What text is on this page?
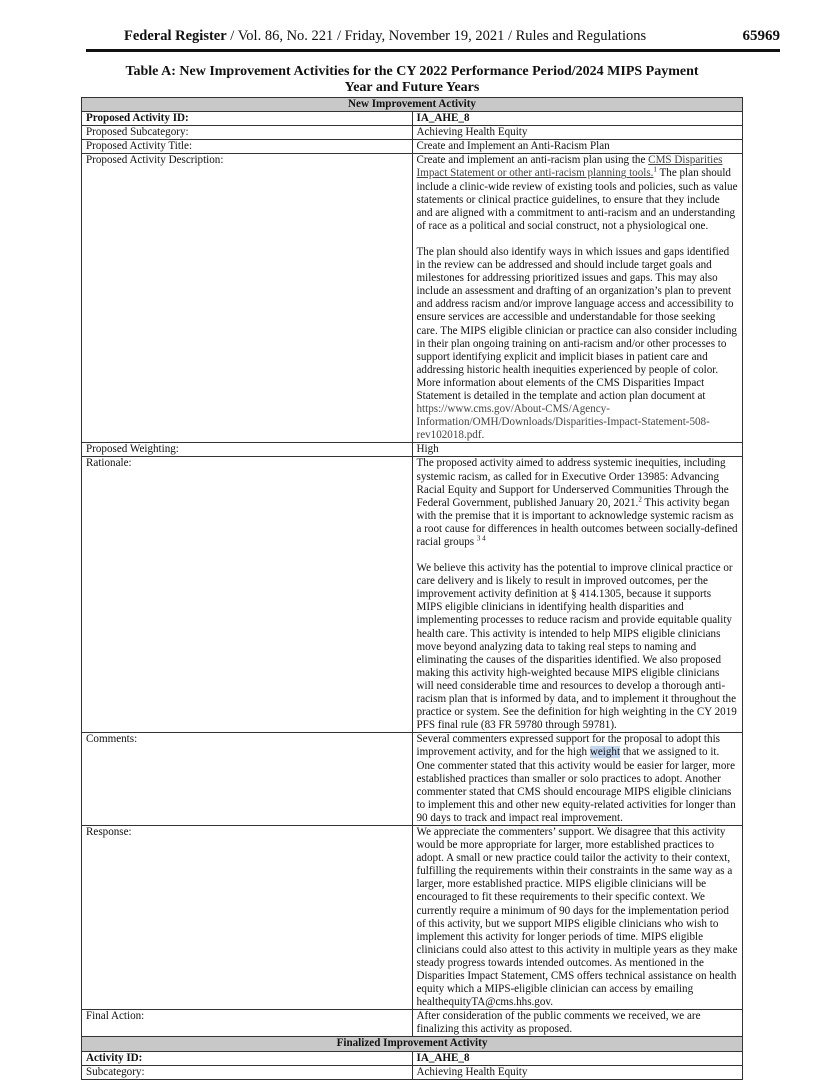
Federal Register / Vol. 86, No. 221 / Friday, November 19, 2021 / Rules and Regulations	65969
Table A: New Improvement Activities for the CY 2022 Performance Period/2024 MIPS Payment
Year and Future Years
New Improvement Activity	
Proposed Activity ID:	IA_AHE_8
Proposed Subcategory:	Achieving Health Equity
Proposed Activity Title:	Create and Implement an Anti-Racism Plan
Proposed Activity Description:	Create and implement an anti-racism plan using the CMS Disparities Impact Statement or other anti-racism planning tools.$^1$ The plan should include a clinic-wide review of existing tools and policies, such as value statements or clinical practice guidelines, to ensure that they include and are aligned with a commitment to anti-racism and an understanding of race as a political and social construct, not a physiological one.
The plan should also identify ways in which issues and gaps identified in the review can be addressed and should include target goals and milestones for addressing prioritized issues and gaps. This may also include an assessment and drafting of an organization’s plan to prevent and address racism and/or improve language access and accessibility to ensure services are accessible and understandable for those seeking care. The MIPS eligible clinician or practice can also consider including in their plan ongoing training on anti-racism and/or other processes to support identifying explicit and implicit biases in patient care and addressing historic health inequities experienced by people of color. More information about elements of the CMS Disparities Impact Statement is detailed in the template and action plan document at https://www.cms.gov/About-CMS/Agency-Information/OMH/Downloads/Disparities-Impact-Statement-508-rev102018.pdf.

Proposed Weighting:	High
Rationale:	The proposed activity aimed to address systemic inequities, including systemic racism, as called for in Executive Order 13985: Advancing Racial Equity and Support for Underserved Communities Through the Federal Government, published January 20, 2021.$^2$ This activity began with the premise that it is important to acknowledge systemic racism as a root cause for differences in health outcomes between socially-defined racial groups $^{3 4}$
We believe this activity has the potential to improve clinical practice or care delivery and is likely to result in improved outcomes, per the improvement activity definition at § 414.1305, because it supports MIPS eligible clinicians in identifying health disparities and implementing processes to reduce racism and provide equitable quality health care. This activity is intended to help MIPS eligible clinicians move beyond analyzing data to taking real steps to naming and eliminating the causes of the disparities identified. We also proposed making this activity high-weighted because MIPS eligible clinicians will need considerable time and resources to develop a thorough anti-racism plan that is informed by data, and to implement it throughout the practice or system. See the definition for high weighting in the CY 2019 PFS final rule (83 FR 59780 through 59781).

Comments:	Several commenters expressed support for the proposal to adopt this improvement activity, and for the high weight that we assigned to it. One commenter stated that this activity would be easier for larger, more established practices than smaller or solo practices to adopt. Another commenter stated that CMS should encourage MIPS eligible clinicians to implement this and other new equity-related activities for longer than 90 days to track and impact real improvement.
Response:	We appreciate the commenters’ support. We disagree that this activity would be more appropriate for larger, more established practices to adopt. A small or new practice could tailor the activity to their context, fulfilling the requirements within their constraints in the same way as a larger, more established practice. MIPS eligible clinicians will be encouraged to fit these requirements to their specific context. We currently require a minimum of 90 days for the implementation period of this activity, but we support MIPS eligible clinicians who wish to implement this activity for longer periods of time. MIPS eligible clinicians could also attest to this activity in multiple years as they make steady progress towards intended outcomes. As mentioned in the Disparities Impact Statement, CMS offers technical assistance on health equity which a MIPS-eligible clinician can access by emailing healthequityTA@cms.hhs.gov.
Final Action:	After consideration of the public comments we received, we are finalizing this activity as proposed.
Finalized Improvement Activity	
Activity ID:	IA_AHE_8
Subcategory:	Achieving Health Equity
